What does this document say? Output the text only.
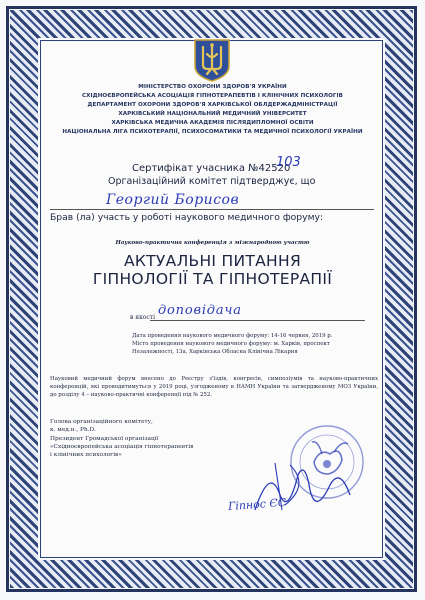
МІНІСТЕРСТВО ОХОРОНИ ЗДОРОВ'Я УКРАЇНИ
СХІДНОЄВРОПЕЙСЬКА АСОЦІАЦІЯ ГІПНОТЕРАПЕВТІВ І КЛІНІЧНИХ ПСИХОЛОГІВ
ДЕПАРТАМЕНТ ОХОРОНИ ЗДОРОВ'Я ХАРКІВСЬКОЇ ОБЛДЕРЖАДМІНІСТРАЦІЇ
ХАРКІВСЬКИЙ НАЦІОНАЛЬНИЙ МЕДИЧНИЙ УНІВЕРСИТЕТ
ХАРКІВСЬКА МЕДИЧНА АКАДЕМІЯ ПІСЛЯДИПЛОМНОЇ ОСВІТИ
НАЦІОНАЛЬНА ЛІГА ПСИХОТЕРАПІЇ, ПСИХОСОМАТИКИ ТА МЕДИЧНОЇ ПСИХОЛОГІЇ УКРАЇНИ
Сертифікат учасника №42520
103
Організаційний комітет підтверджує, що
Георгий Борисов
Брав (ла) участь у роботі наукового медичного форуму:
Науково-практична конференція з міжнародною участю
АКТУАЛЬНІ ПИТАННЯ
ГІПНОЛОГІЇ ТА ГІПНОТЕРАПІЇ
в якості доповідача
Дата проведення наукового медичного форуму: 14-16 червня, 2019 р.
Місто проведення наукового медичного форуму: м. Харків, проспект Незалежності, 13а, Харківська Обласна Клінічна Лікарня
Науковий медичний форум внесено до Реєстру з'їздів, конгресів, симпозіумів та науково-практичних конференцій, які проводитимуться у 2019 році, узгодженому в НАМН України та затвердженому МОЗ України, до розділу 4 – науково-практичні конференції під № 252.
Голова організаційного комітету,
к. мед.н., Ph.D.
Президент Громадської організації
«Східноєвропейська асоціація гіпнотерапевтів
і клінічних психологів»
Гіпнос ЄС
